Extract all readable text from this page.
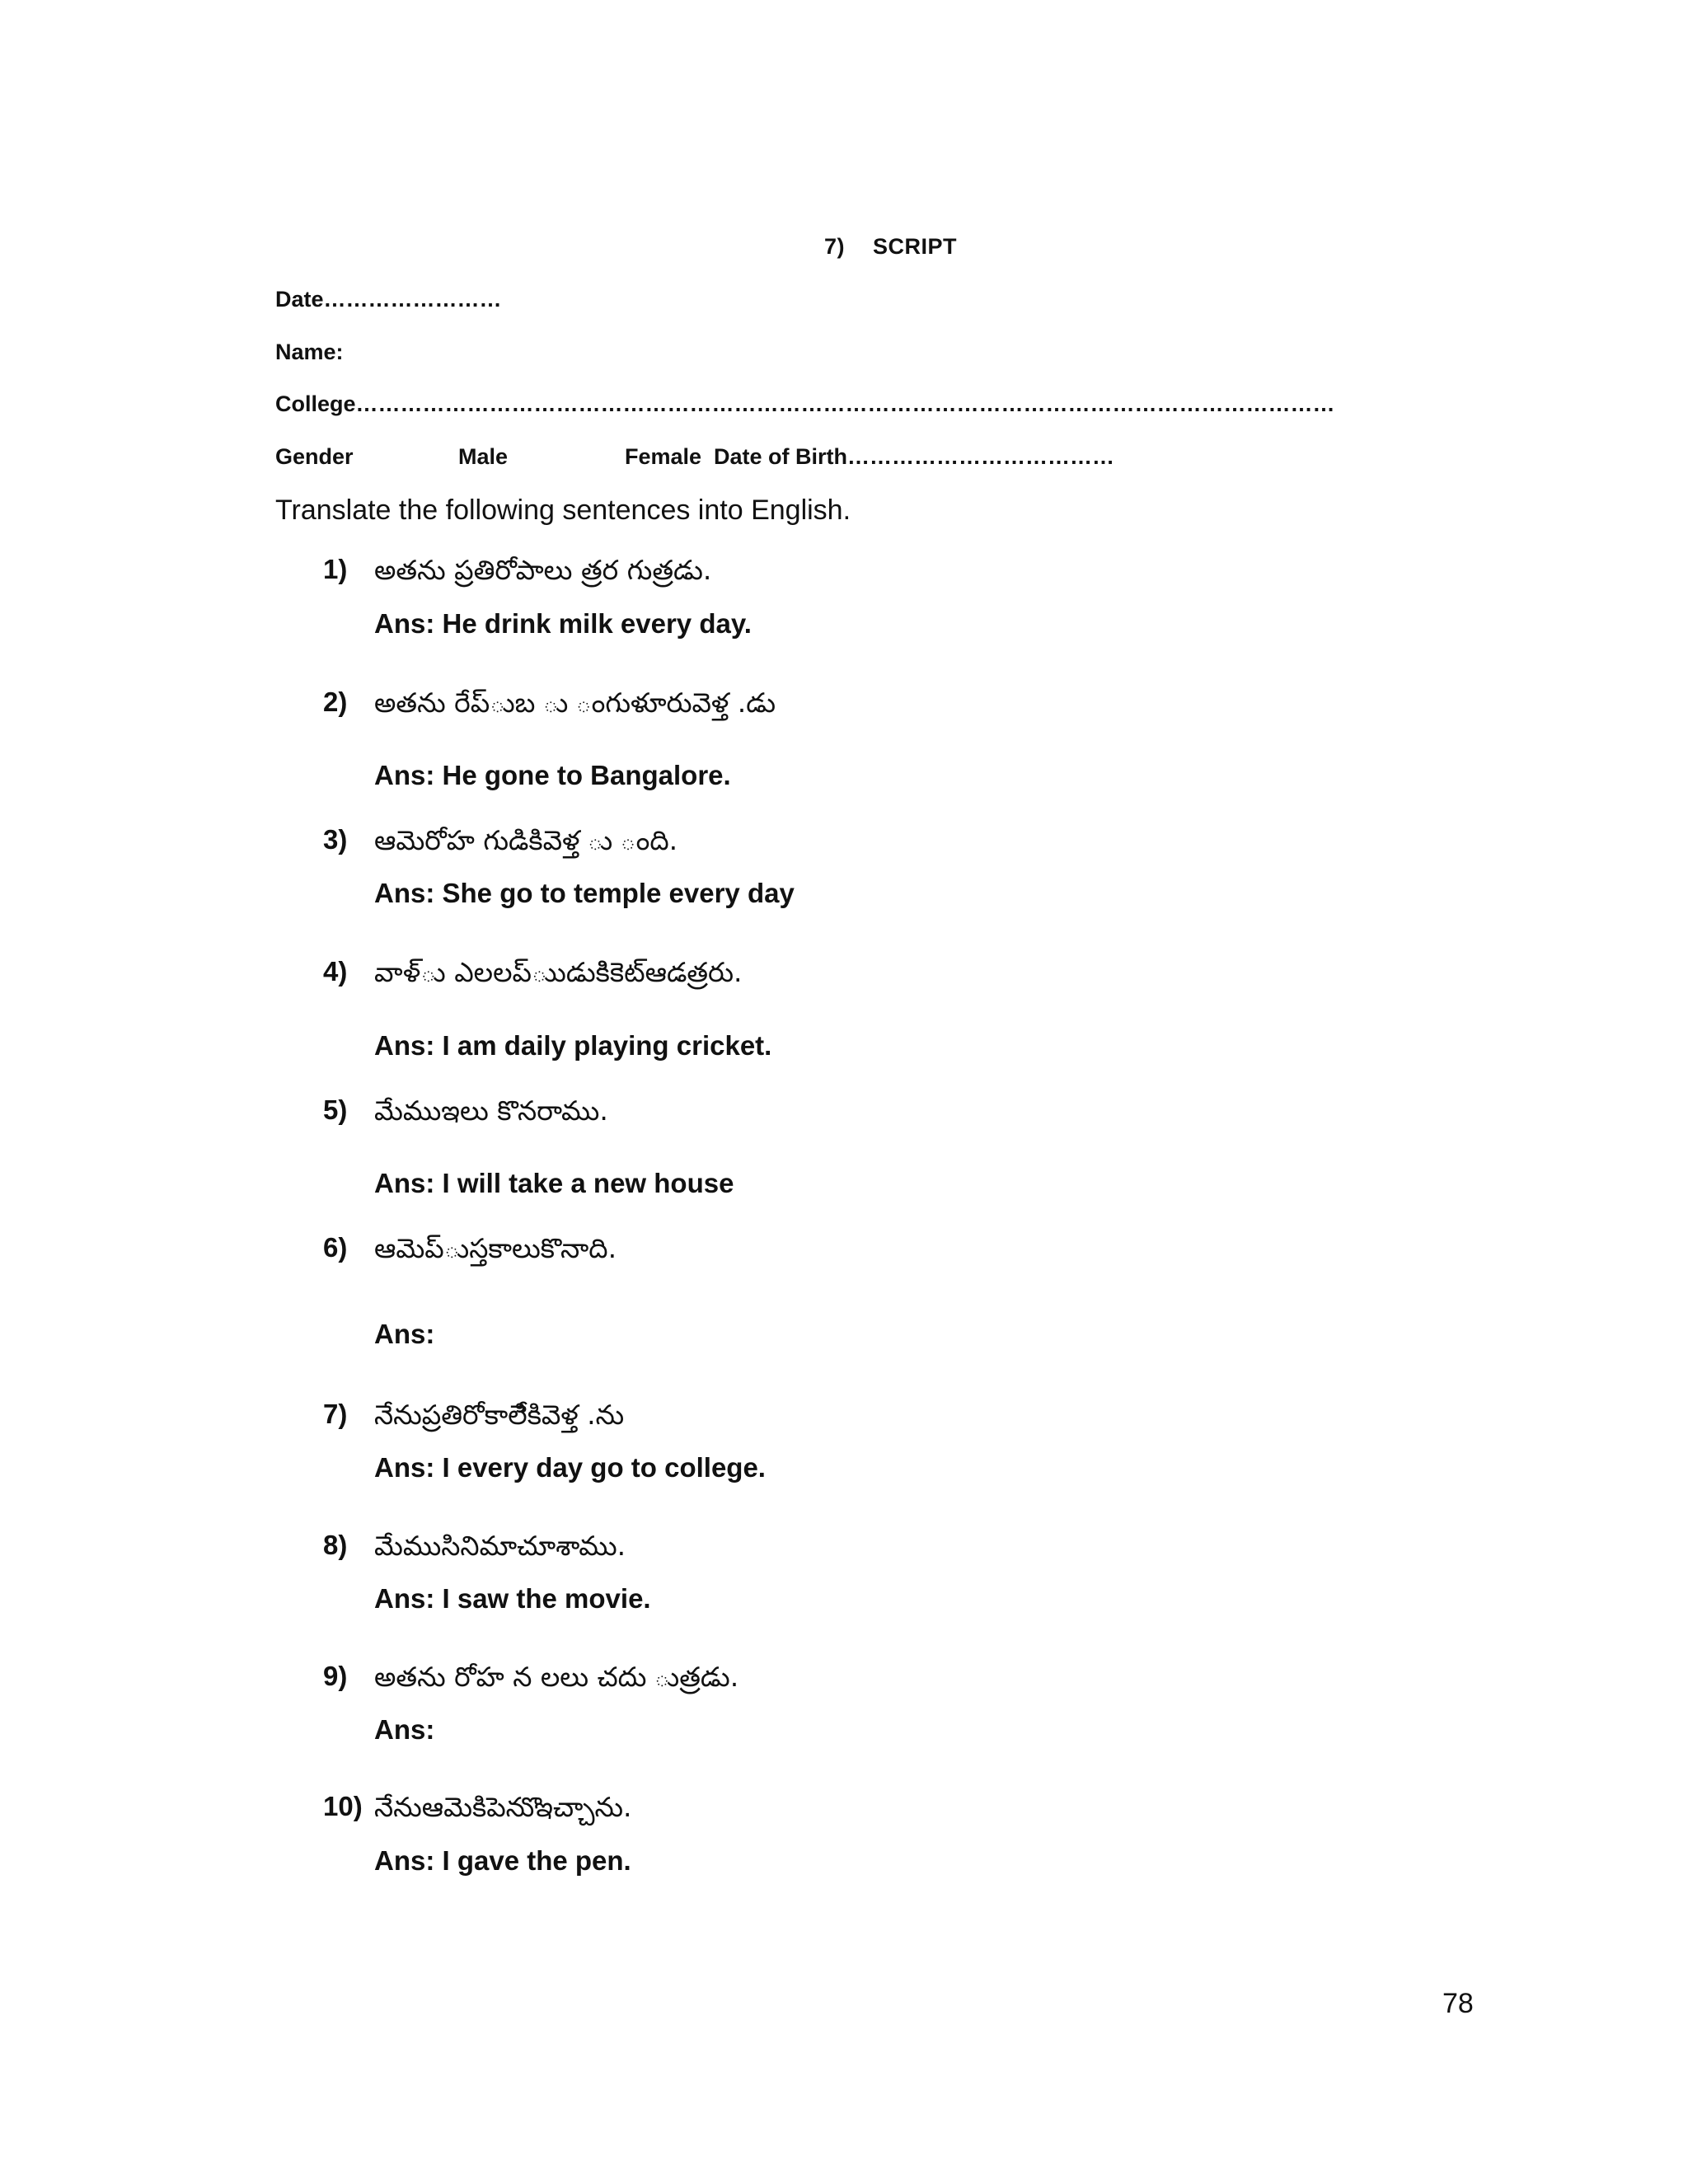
7) SCRIPT
Date……………………
Name:
College……………………………………………………………………………………………………………………
Gender	Male	Female Date of Birth………………………………
Translate the following sentences into English.
1) అతను ప్రతిరోపాలు త్రర గుత్రడు.
Ans: He drink milk every day.
2) అతను రేప్ుబ ు ంగుళూరువెళ్త .డు
Ans: He gone to Bangalore.
3) ఆమెరోహ గుడికివెళ్త ు ంది.
Ans: She go to temple every day
4) వాళ్ు ఎలలప్ుుడుకిికెట్ఆడత్రరు.
Ans: I am daily playing cricket.
5) మేముఇలు కొనరాము.
Ans: I will take a new house
6) ఆమెప్ుస్తకాలుకొనాది.
Ans:
7) నేనుప్రతిరోకాలేికివెళ్త .ను
Ans: I every day go to college.
8) మేముసినిమాచూశాము.
Ans: I saw the movie.
9) అతను రోహ న లలు చదు ుత్రడు.
Ans:
10) నేనుఆమెకిపెనుొఇచ్చాను.
Ans: I gave the pen.
78
